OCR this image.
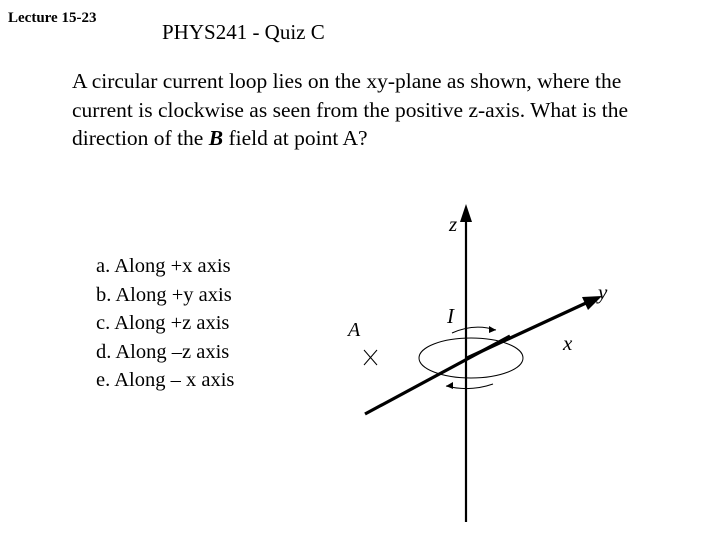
Lecture 15-23
PHYS241 - Quiz C
A circular current loop lies on the xy-plane as shown, where the current is clockwise as seen from the positive z-axis. What is the direction of the B field at point A?
a. Along +x axis
b. Along +y axis
c. Along +z axis
d. Along –z axis
e. Along – x axis
z
y
x
I
A
